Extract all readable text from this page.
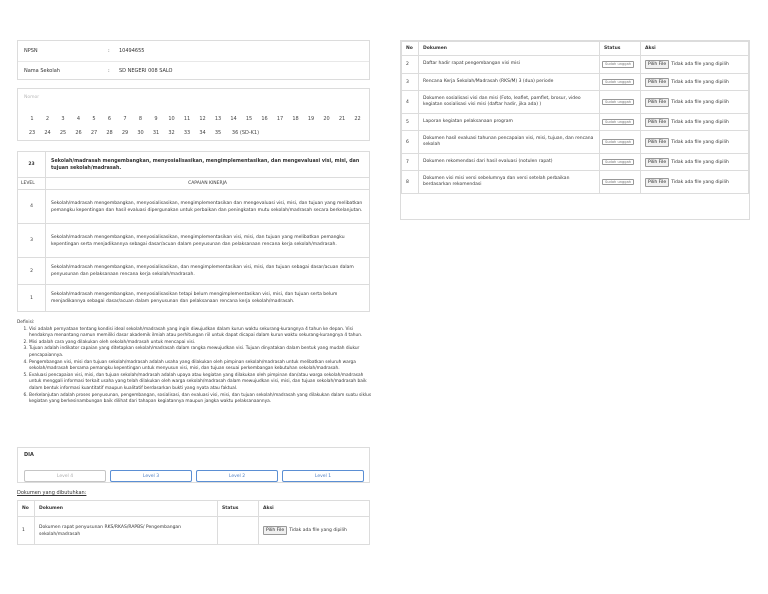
NPSN	: 10494655
Nama Sekolah	: SD NEGERI 008 SALO
Nomor
1	2	3	4	5	6	7	8	9	10	11	12	13	14	15	16	17	18	19	20	21	22
23	24	25	26	27	28	29	30	31	32	33	34	35	36 (SD-K1)
23	Sekolah/madrasah mengembangkan, menyosialisasikan, mengimplementasikan, dan mengevaluasi visi, misi, dan tujuan sekolah/madrasah.
LEVEL	CAPAIAN KINERJA
4	Sekolah/madrasah mengembangkan, menyosialisasikan, mengimplementasikan dan mengevaluasi visi, misi, dan tujuan yang melibatkan pemangku kepentingan dan hasil evaluasi dipergunakan untuk perbaikan dan peningkatan mutu sekolah/madrasah secara berkelanjutan.
3	Sekolah/madrasah mengembangkan, menyosialisasikan, mengimplementasikan visi, misi, dan tujuan yang melibatkan pemangku kepentingan serta menjadikannya sebagai dasar/acuan dalam penyusunan dan pelaksanaan rencana kerja sekolah/madrasah.
2	Sekolah/madrasah mengembangkan, menyosialisasikan, dan mengimplementasikan visi, misi, dan tujuan sebagai dasar/acuan dalam penyusunan dan pelaksanaan rencana kerja sekolah/madrasah.
1	Sekolah/madrasah mengembangkan, menyosialisasikan tetapi belum mengimplementasikan visi, misi, dan tujuan serta belum menjadikannya sebagai dasar/acuan dalam penyusunan dan pelaksanaan rencana kerja sekolah/madrasah.
Definisi:
1. Visi adalah pernyataan tentang kondisi ideal sekolah/madrasah yang ingin diwujudkan dalam kurun waktu sekurang-kurangnya 4 tahun ke depan. Visi hendaknya menantang namun memiliki dasar akademik ilmiah atau perhitungan riil untuk dapat dicapai dalam kurun waktu sekurang-kurangnya 4 tahun.
2. Misi adalah cara yang dilakukan oleh sekolah/madrasah untuk mencapai visi.
3. Tujuan adalah indikator capaian yang ditetapkan sekolah/madrasah dalam rangka mewujudkan visi. Tujuan dinyatakan dalam bentuk yang mudah diukur pencapaiannya.
4. Pengembangan visi, misi dan tujuan sekolah/madrasah adalah usaha yang dilakukan oleh pimpinan sekolah/madrasah untuk melibatkan seluruh warga sekolah/madrasah bersama pemangku kepentingan untuk menyusun visi, misi, dan tujuan sesuai perkembangan kebutuhan sekolah/madrasah.
5. Evaluasi pencapaian visi, misi, dan tujuan sekolah/madrasah adalah upaya atau kegiatan yang dilakukan oleh pimpinan dan/atau warga sekolah/madrasah untuk menggali informasi terkait usaha yang telah dilakukan oleh warga sekolah/madrasah dalam mewujudkan visi, misi, dan tujuan sekolah/madrasah baik dalam bentuk informasi kuantitatif maupun kualitatif berdasarkan bukti yang nyata atau faktual.
6. Berkelanjutan adalah proses penyusunan, pengembangan, sosialisasi, dan evaluasi visi, misi, dan tujuan sekolah/madrasah yang dilakukan dalam suatu siklus kegiatan yang berkesinambungan baik dilihat dari tahapan kegiatannya maupun jangka waktu pelaksanaannya.
DIA
Level 4	Level 3	Level 2	Level 1
Dokumen yang dibutuhkan:
No	Dokumen	Status	Aksi
1	Dokumen rapat penyusunan RKS/RKAS/RAPBS/ Pengembangan sekolah/madrasah		Pilih File Tidak ada file yang dipilih
No	Dokumen	Status	Aksi
2	Daftar hadir rapat pengembangan visi misi	Sudah unggah	Pilih File Tidak ada file yang dipilih
3	Rencana Kerja Sekolah/Madrasah (RKS/M) 3 (dua) periode	Sudah unggah	Pilih File Tidak ada file yang dipilih
4	Dokumen sosialisasi visi dan misi (Foto, leaflet, pamflet, brosur, video kegiatan sosialisasi visi misi (daftar hadir, jika ada) )	Sudah unggah	Pilih File Tidak ada file yang dipilih
5	Laporan kegiatan pelaksanaan program	Sudah unggah	Pilih File Tidak ada file yang dipilih
6	Dokumen hasil evaluasi tahunan pencapaian visi, misi, tujuan, dan rencana sekolah	Sudah unggah	Pilih File Tidak ada file yang dipilih
7	Dokumen rekomendasi dari hasil evaluasi (notulen rapat)	Sudah unggah	Pilih File Tidak ada file yang dipilih
8	Dokumen visi misi versi sebelumnya dan versi setelah perbaikan berdasarkan rekomendasi	Sudah unggah	Pilih File Tidak ada file yang dipilih
